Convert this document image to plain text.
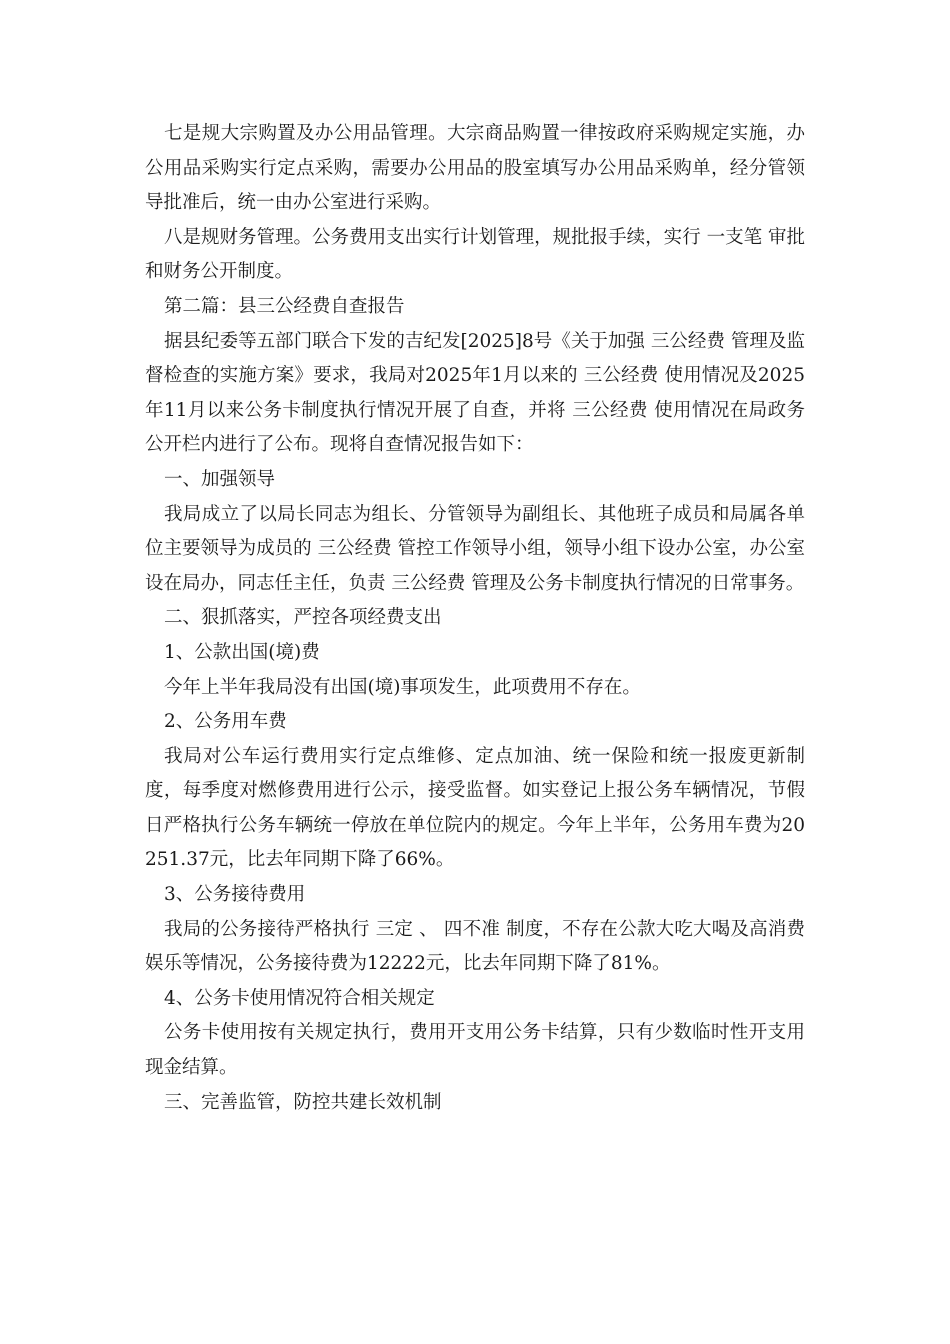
七是规大宗购置及办公用品管理。大宗商品购置一律按政府采购规定实施，办公用品采购实行定点采购，需要办公用品的股室填写办公用品采购单，经分管领导批准后，统一由办公室进行采购。

八是规财务管理。公务费用支出实行计划管理，规批报手续，实行 一支笔 审批和财务公开制度。

第二篇：县三公经费自查报告

据县纪委等五部门联合下发的吉纪发[2025]8号《关于加强 三公经费 管理及监督检查的实施方案》要求，我局对2025年1月以来的 三公经费 使用情况及2025年11月以来公务卡制度执行情况开展了自查，并将 三公经费 使用情况在局政务公开栏内进行了公布。现将自查情况报告如下：

一、加强领导

我局成立了以局长同志为组长、分管领导为副组长、其他班子成员和局属各单位主要领导为成员的 三公经费 管控工作领导小组，领导小组下设办公室，办公室设在局办，同志任主任，负责 三公经费 管理及公务卡制度执行情况的日常事务。

二、狠抓落实，严控各项经费支出

1、公款出国(境)费

今年上半年我局没有出国(境)事项发生，此项费用不存在。

2、公务用车费

我局对公车运行费用实行定点维修、定点加油、统一保险和统一报废更新制度，每季度对燃修费用进行公示，接受监督。如实登记上报公务车辆情况，节假日严格执行公务车辆统一停放在单位院内的规定。今年上半年，公务用车费为20251.37元，比去年同期下降了66%。

3、公务接待费用

我局的公务接待严格执行 三定 、 四不准 制度，不存在公款大吃大喝及高消费娱乐等情况，公务接待费为12222元，比去年同期下降了81%。

4、公务卡使用情况符合相关规定

公务卡使用按有关规定执行，费用开支用公务卡结算，只有少数临时性开支用现金结算。

三、完善监管，防控共建长效机制
